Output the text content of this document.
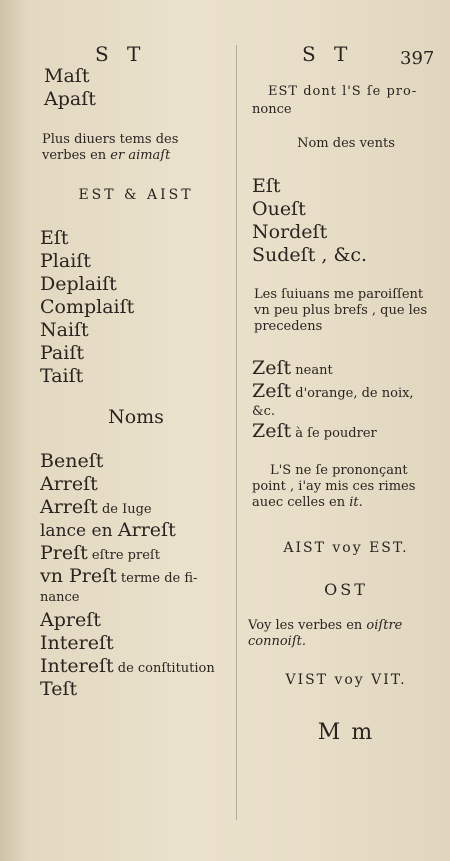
S T	S T	397
Maſt
Apaſt
Plus diuers tems des
verbes en er aimaſt
EST & AIST
Eſt
Plaiſt
Deplaiſt
Complaiſt
Naiſt
Paiſt
Taiſt
Noms
Beneſt
Arreſt
Arreſt de Iuge
lance en Arreſt
Preſt eſtre preſt
vn Preſt terme de fi-
nance
Apreſt
Intereſt
Intereſt de conſtitution
Teſt
EST dont l'S ſe pro-
nonce
Nom des vents
Eſt
Oueſt
Nordeſt
Sudeſt , &c.
Les ſuiuans me paroiſſent
vn peu plus brefs , que les
precedens
Zeſt neant
Zeſt d'orange, de noix,
&c.
Zeſt à ſe poudrer
L'S ne ſe prononçant
point , i'ay mis ces rimes
auec celles en it.
AIST voy EST.
OST
Voy les verbes en oiſtre
connoiſt.
VIST voy VIT.
M m
